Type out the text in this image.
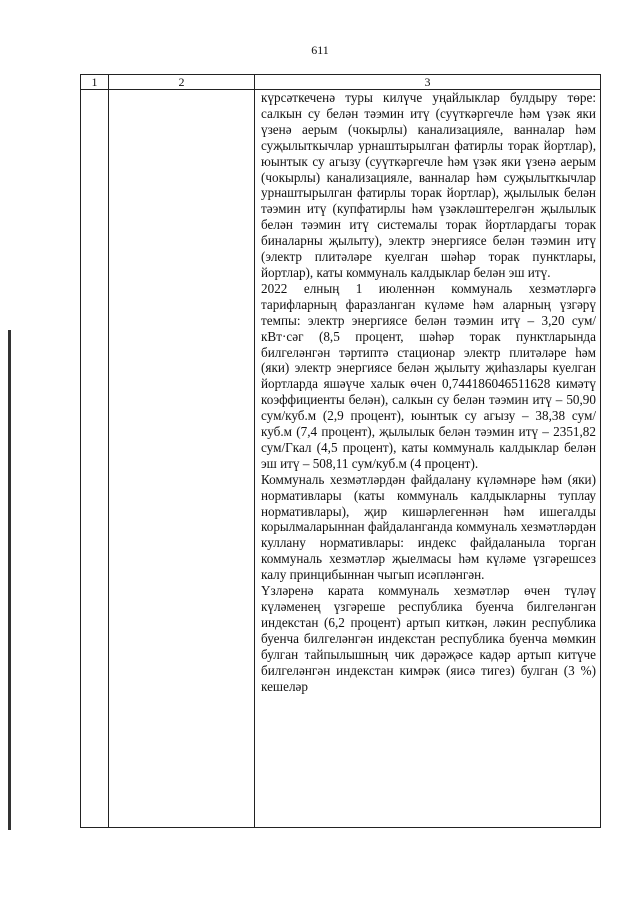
611
1	2	3

		күрсәткеченә туры килүче уңайлыклар булдыру төре: салкын су белән тәэмин итү (суүткәргечле һәм үзәк яки үзенә аерым (чокырлы) канализацияле, ванналар һәм суҗылыткычлар урнаштырылган фатирлы торак йортлар), юынтык су агызу (суүткәргечле һәм үзәк яки үзенә аерым (чокырлы) канализацияле, ванналар һәм суҗылыткычлар урнаштырылган фатирлы торак йортлар), җылылык белән тәэмин итү (купфатирлы һәм үзәкләштерелгән җылылык белән тәэмин итү системалы торак йортлардагы торак биналарны җылыту), электр энергиясе белән тәэмин итү (электр плитәләре куелган шәһәр торак пунктлары, йортлар), каты коммуналь калдыклар белән эш итү.

2022 елның 1 июленнән коммуналь хезмәтләргә тарифларның фаразланган күләме һәм аларның үзгәрү темпы: электр энергиясе белән тәэмин итү – 3,20 сум/кВт·сәг (8,5 процент, шәһәр торак пунктларында билгеләнгән тәртиптә стационар электр плитәләре һәм (яки) электр энергиясе белән җылыту җиһазлары куелган йортларда яшәүче халык өчен 0,744186046511628 кимәтү коэффициенты белән), салкын су белән тәэмин итү – 50,90 сум/куб.м (2,9 процент), юынтык су агызу – 38,38 сум/куб.м (7,4 процент), җылылык белән тәэмин итү – 2351,82 сум/Гкал (4,5 процент), каты коммуналь калдыклар белән эш итү – 508,11 сум/куб.м (4 процент).

Коммуналь хезмәтләрдән файдалану күләмнәре һәм (яки) нормативлары (каты коммуналь калдыкларны туплау нормативлары), җир кишәрлегеннән һәм ишегалды корылмаларыннан файдаланганда коммуналь хезмәтләрдән куллану нормативлары: индекс файдаланыла торган коммуналь хезмәтләр җыелмасы һәм күләме үзгәрешсез калу принцибыннан чыгып исәпләнгән.

Үзләренә карата коммуналь хезмәтләр өчен түләү күләменең үзгәреше республика буенча билгеләнгән индекстан (6,2 процент) артып киткән, ләкин республика буенча билгеләнгән индекстан республика буенча мөмкин булган тайпылышның чик дәрәҗәсе кадәр артып китүче билгеләнгән индекстан кимрәк (яисә тигез) булган (3 %) кешеләр
